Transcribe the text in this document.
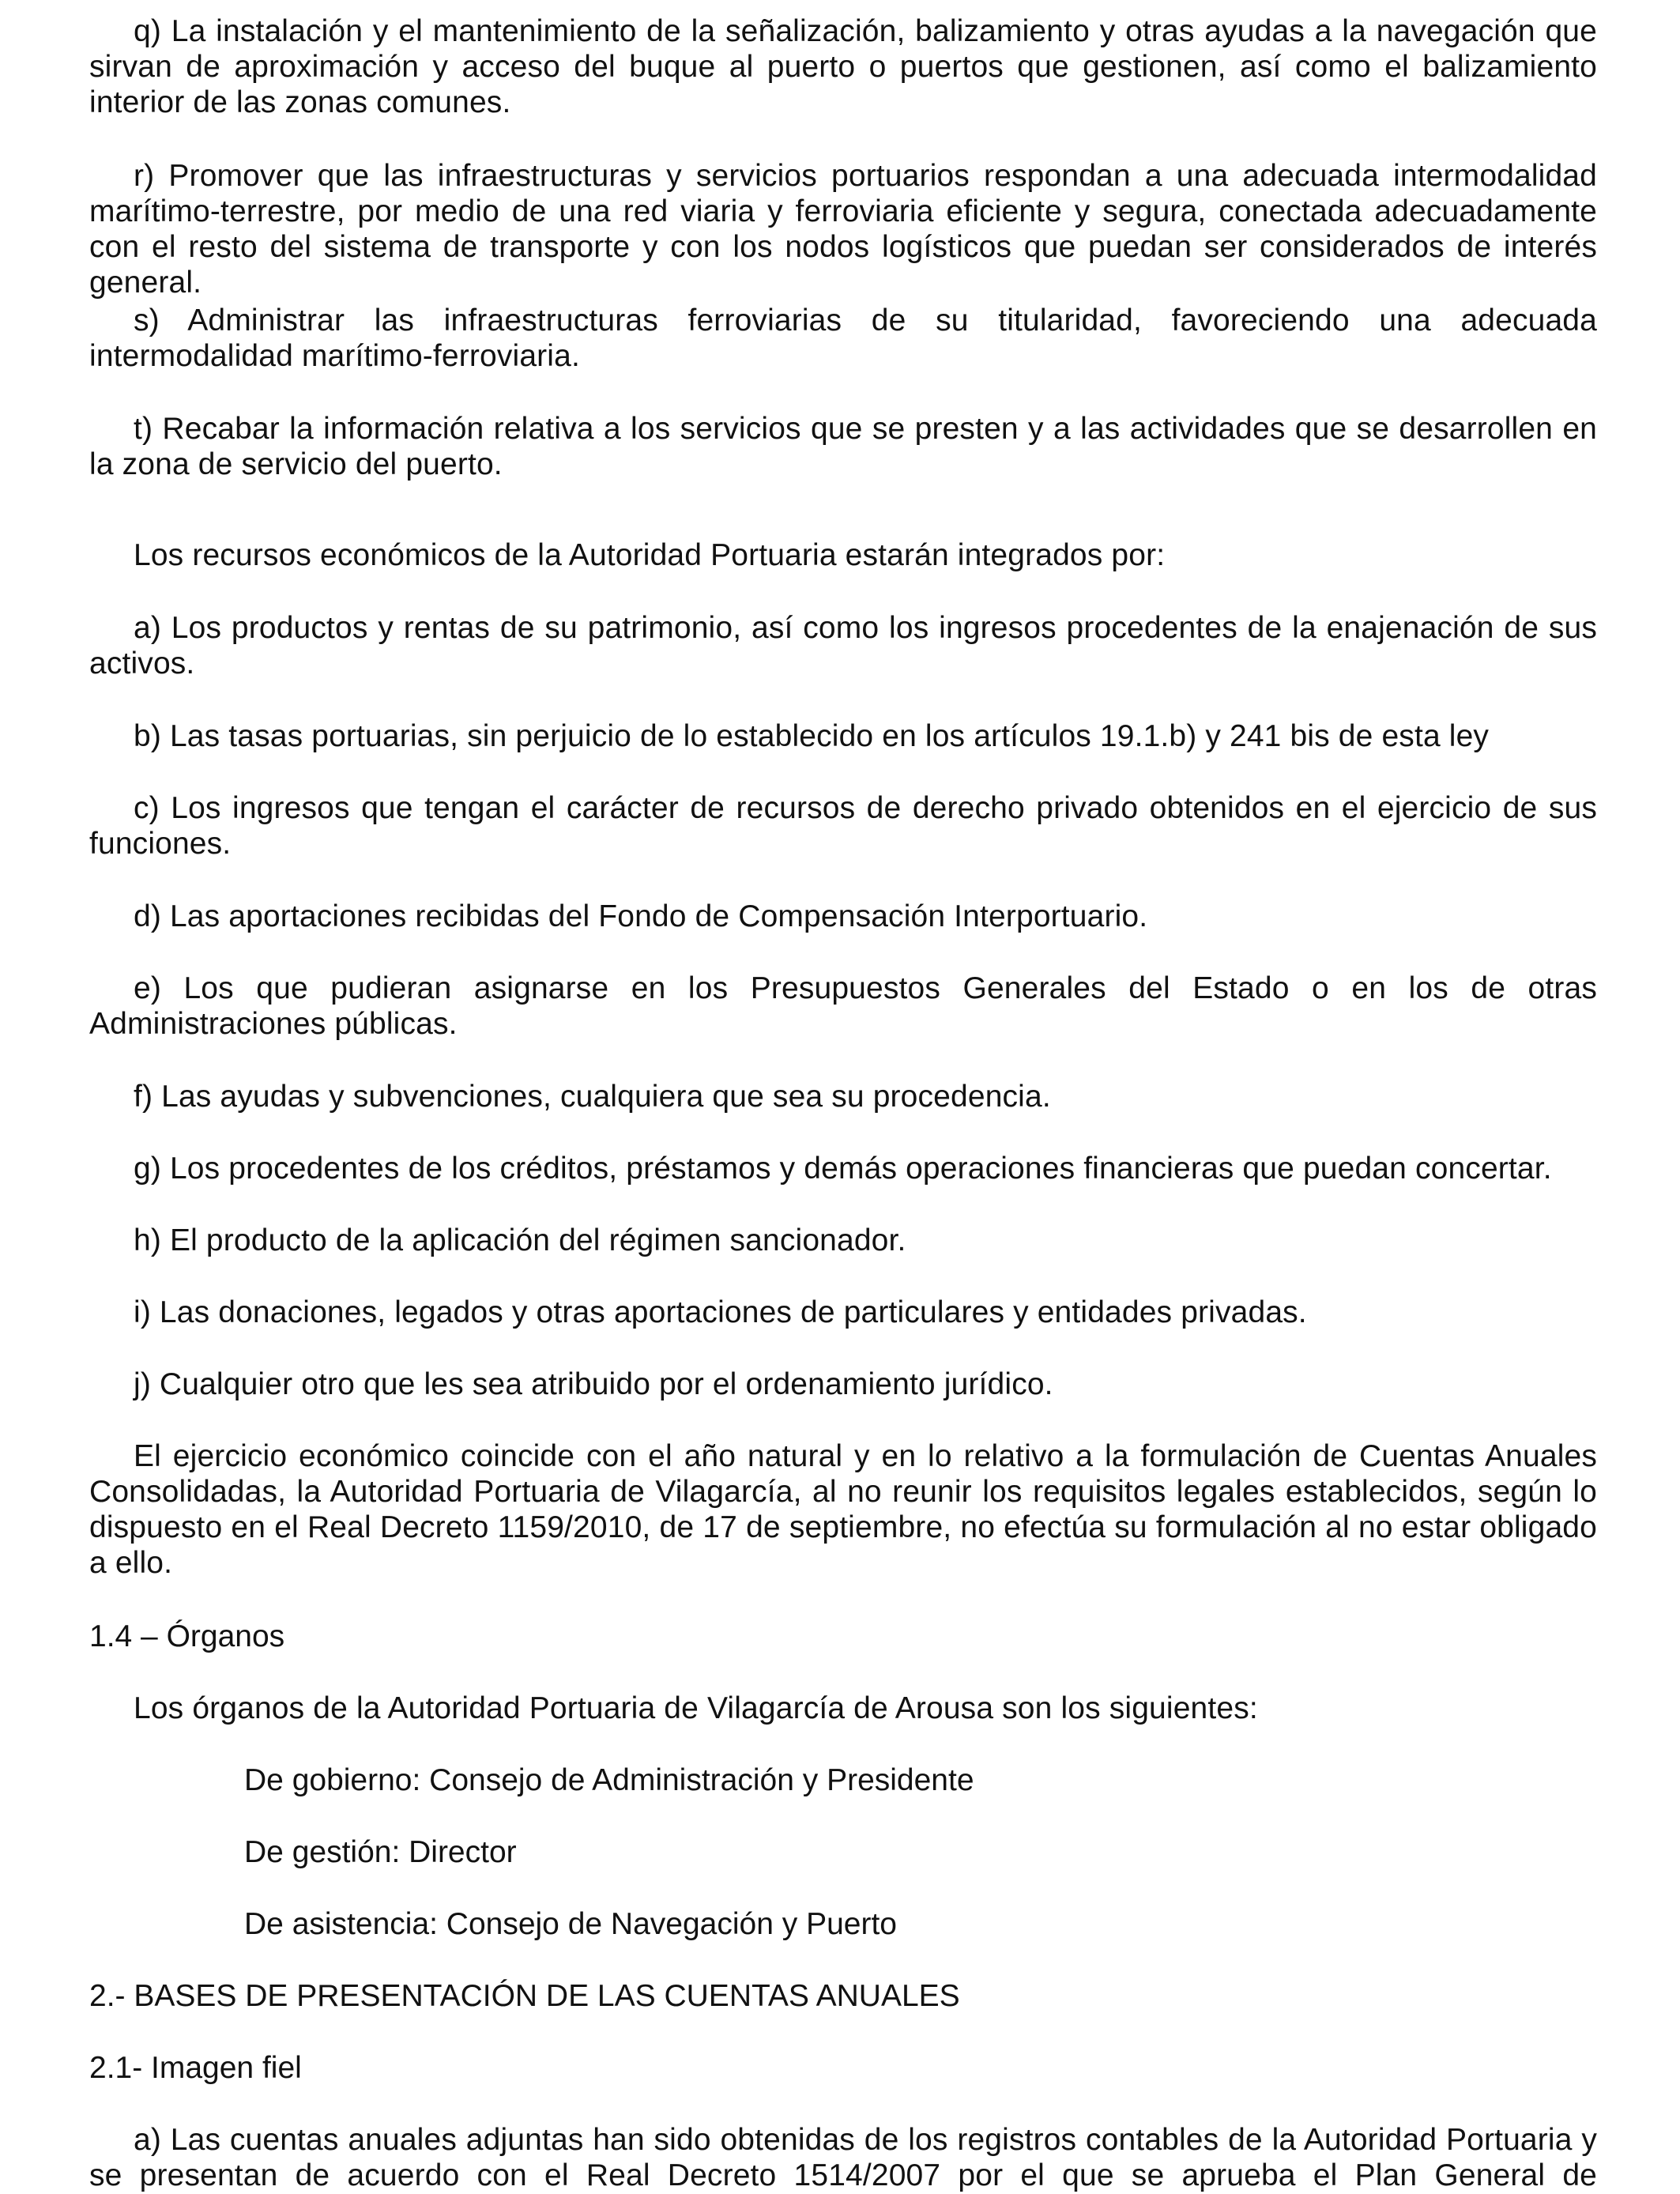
q) La instalación y el mantenimiento de la señalización, balizamiento y otras ayudas a la navegación que sirvan de aproximación y acceso del buque al puerto o puertos que gestionen, así como el balizamiento interior de las zonas comunes.

r) Promover que las infraestructuras y servicios portuarios respondan a una adecuada intermodalidad marítimo-terrestre, por medio de una red viaria y ferroviaria eficiente y segura, conectada adecuadamente con el resto del sistema de transporte y con los nodos logísticos que puedan ser considerados de interés general.

s) Administrar las infraestructuras ferroviarias de su titularidad, favoreciendo una adecuada intermodalidad marítimo-ferroviaria.

t) Recabar la información relativa a los servicios que se presten y a las actividades que se desarrollen en la zona de servicio del puerto.

Los recursos económicos de la Autoridad Portuaria estarán integrados por:

a) Los productos y rentas de su patrimonio, así como los ingresos procedentes de la enajenación de sus activos.

b) Las tasas portuarias, sin perjuicio de lo establecido en los artículos 19.1.b) y 241 bis de esta ley

c) Los ingresos que tengan el carácter de recursos de derecho privado obtenidos en el ejercicio de sus funciones.

d) Las aportaciones recibidas del Fondo de Compensación Interportuario.

e) Los que pudieran asignarse en los Presupuestos Generales del Estado o en los de otras Administraciones públicas.

f) Las ayudas y subvenciones, cualquiera que sea su procedencia.

g) Los procedentes de los créditos, préstamos y demás operaciones financieras que puedan concertar.

h) El producto de la aplicación del régimen sancionador.

i) Las donaciones, legados y otras aportaciones de particulares y entidades privadas.

j) Cualquier otro que les sea atribuido por el ordenamiento jurídico.

El ejercicio económico coincide con el año natural y en lo relativo a la formulación de Cuentas Anuales Consolidadas, la Autoridad Portuaria de Vilagarcía, al no reunir los requisitos legales establecidos, según lo dispuesto en el Real Decreto 1159/2010, de 17 de septiembre, no efectúa su formulación al no estar obligado a ello.

1.4 – Órganos

Los órganos de la Autoridad Portuaria de Vilagarcía de Arousa son los siguientes:

De gobierno: Consejo de Administración y Presidente

De gestión: Director

De asistencia: Consejo de Navegación y Puerto

2.- BASES DE PRESENTACIÓN DE LAS CUENTAS ANUALES

2.1- Imagen fiel

a) Las cuentas anuales adjuntas han sido obtenidas de los registros contables de la Autoridad Portuaria y se presentan de acuerdo con el Real Decreto 1514/2007 por el que se aprueba el Plan General de
